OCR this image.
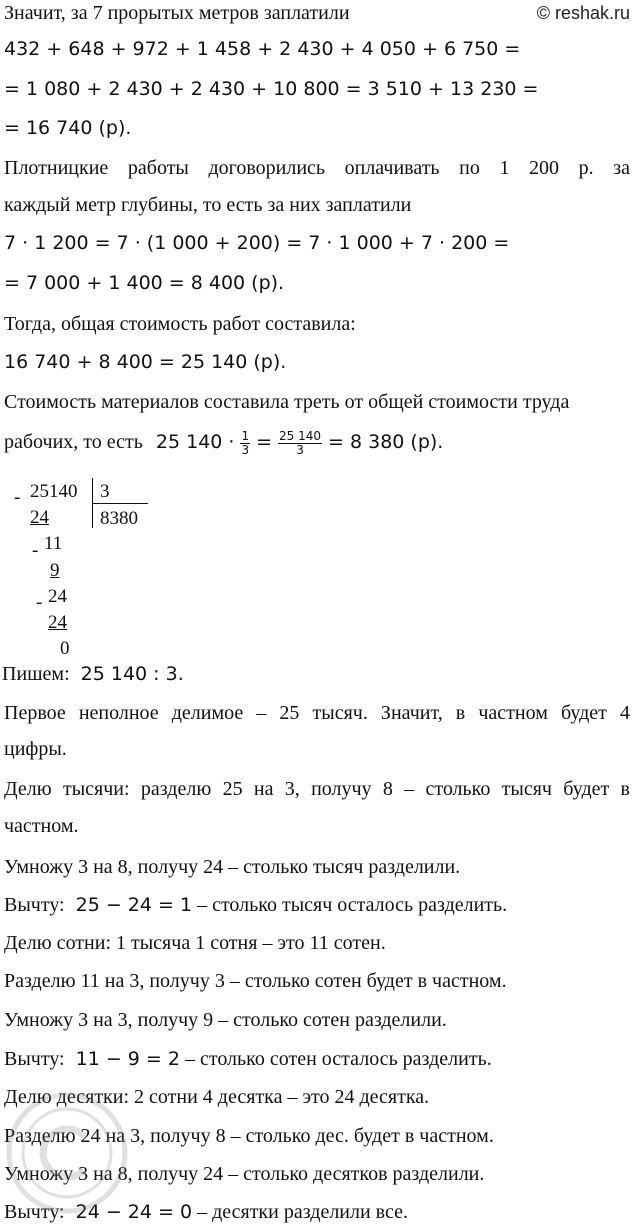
Значит, за 7 прорытых метров заплатили	© reshak.ru
432 + 648 + 972 + 1 458 + 2 430 + 4 050 + 6 750 =
= 1 080 + 2 430 + 2 430 + 10 800 = 3 510 + 13 230 =
= 16 740 (р).
Плотницкие работы договорились оплачивать по 1 200 р. за
каждый метр глубины, то есть за них заплатили
7 · 1 200 = 7 · (1 000 + 200) = 7 · 1 000 + 7 · 200 =
= 7 000 + 1 400 = 8 400 (р).
Тогда, общая стоимость работ составила:
16 740 + 8 400 = 25 140 (р).
Стоимость материалов составила треть от общей стоимости труда
рабочих, то есть 25 $140 \cdot \frac{1}{3} = \frac{25 140}{3} = 8$ 380 (р).
- 25140 3
8380
24
- 11
9
- 24
24
0
Пишем: 25 140 : 3.
Первое неполное делимое – 25 тысяч. Значит, в частном будет 4
цифры.
Делю тысячи: разделю 25 на 3, получу 8 – столько тысяч будет в
частном.
Умножу 3 на 8, получу 24 – столько тысяч разделили.
Вычту: 25 − 24 = 1 – столько тысяч осталось разделить.
Делю сотни: 1 тысяча 1 сотня – это 11 сотен.
Разделю 11 на 3, получу 3 – столько сотен будет в частном.
Умножу 3 на 3, получу 9 – столько сотен разделили.
Вычту: 11 − 9 = 2 – столько сотен осталось разделить.
Делю десятки: 2 сотни 4 десятка – это 24 десятка.
Разделю 24 на 3, получу 8 – столько дес. будет в частном.
Умножу 3 на 8, получу 24 – столько десятков разделили.
Вычту: 24 − 24 = 0 – десятки разделили все.
